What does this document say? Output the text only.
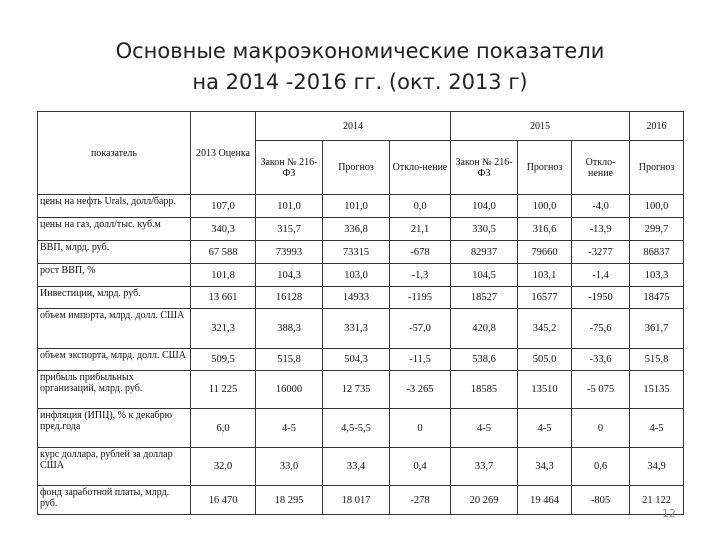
Основные макроэкономические показатели
на 2014 -2016 гг. (окт. 2013 г)
показатель	2013 Оценка	2014			2015			2016
		Закон № 216-ФЗ	Прогноз	Откло-нение	Закон № 216-ФЗ	Прогноз	Откло-нение	Прогноз
цены на нефть Urals, долл/барр.	107,0	101,0	101,0	0,0	104,0	100,0	-4,0	100,0
цены на газ, долл/тыс. куб.м	340,3	315,7	336,8	21,1	330,5	316,6	-13,9	299,7
ВВП, млрд. руб.	67 588	73993	73315	-678	82937	79660	-3277	86837
рост ВВП, %	101,8	104,3	103,0	-1,3	104,5	103,1	-1,4	103,3
Инвестиции, млрд. руб.	13 661	16128	14933	-1195	18527	16577	-1950	18475
объем импорта, млрд. долл. США	321,3	388,3	331,3	-57,0	420,8	345,2	-75,6	361,7
объем экспорта, млрд. долл. США	509,5	515,8	504,3	-11,5	538,6	505,0	-33,6	515,8
прибыль прибыльных организаций, млрд. руб.	11 225	16000	12 735	-3 265	18585	13510	-5 075	15135
инфляция (ИПЦ), % к декабрю пред.года	6,0	4-5	4,5-5,5	0	4-5	4-5	0	4-5
курс доллара, рублей за доллар США	32,0	33,0	33,4	0,4	33,7	34,3	0,6	34,9
фонд заработной платы, млрд. руб.	16 470	18 295	18 017	-278	20 269	19 464	-805	21 122
12
